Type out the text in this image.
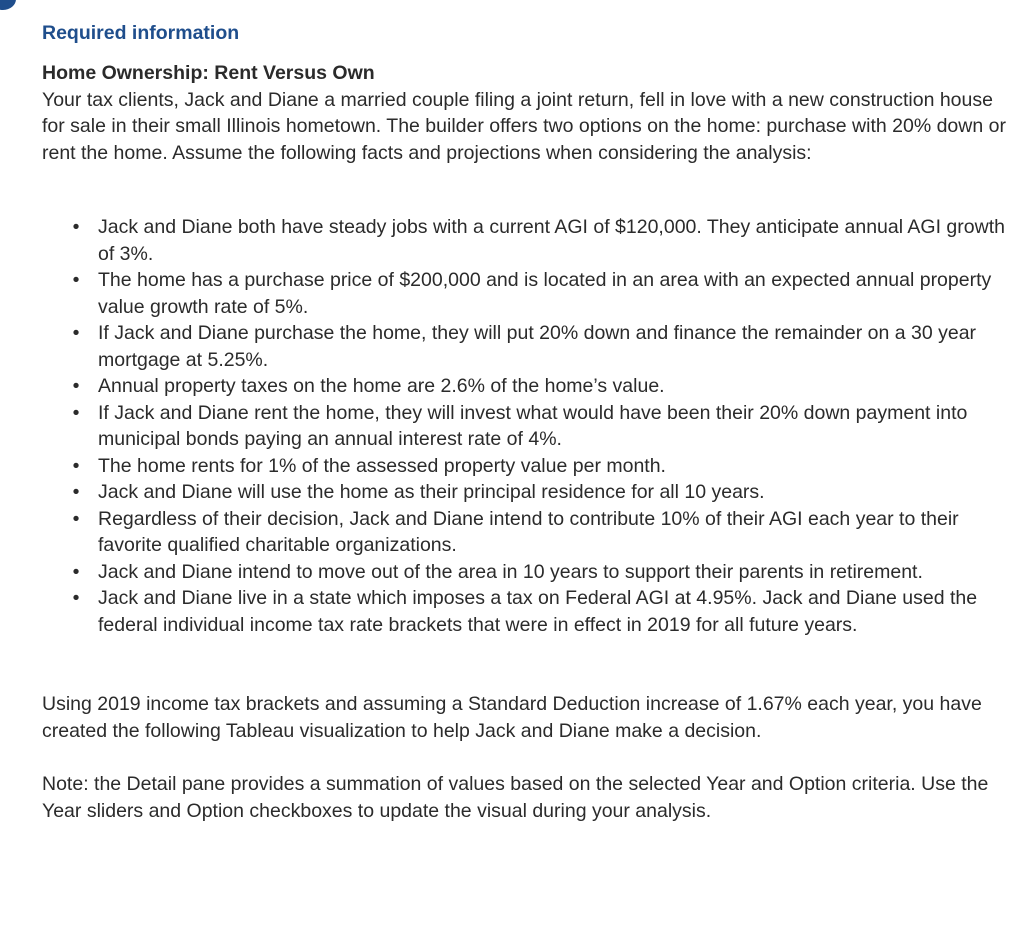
Required information
Home Ownership: Rent Versus Own

Your tax clients, Jack and Diane a married couple filing a joint return, fell in love with a new construction house for sale in their small Illinois hometown. The builder offers two options on the home: purchase with 20% down or rent the home. Assume the following facts and projections when considering the analysis:

• Jack and Diane both have steady jobs with a current AGI of $120,000. They anticipate annual AGI growth of 3%.
• The home has a purchase price of $200,000 and is located in an area with an expected annual property value growth rate of 5%.
• If Jack and Diane purchase the home, they will put 20% down and finance the remainder on a 30 year mortgage at 5.25%.
• Annual property taxes on the home are 2.6% of the home’s value.
• If Jack and Diane rent the home, they will invest what would have been their 20% down payment into municipal bonds paying an annual interest rate of 4%.
• The home rents for 1% of the assessed property value per month.
• Jack and Diane will use the home as their principal residence for all 10 years.
• Regardless of their decision, Jack and Diane intend to contribute 10% of their AGI each year to their favorite qualified charitable organizations.
• Jack and Diane intend to move out of the area in 10 years to support their parents in retirement.
• Jack and Diane live in a state which imposes a tax on Federal AGI at 4.95%. Jack and Diane used the federal individual income tax rate brackets that were in effect in 2019 for all future years.

Using 2019 income tax brackets and assuming a Standard Deduction increase of 1.67% each year, you have created the following Tableau visualization to help Jack and Diane make a decision.

Note: the Detail pane provides a summation of values based on the selected Year and Option criteria. Use the Year sliders and Option checkboxes to update the visual during your analysis.
